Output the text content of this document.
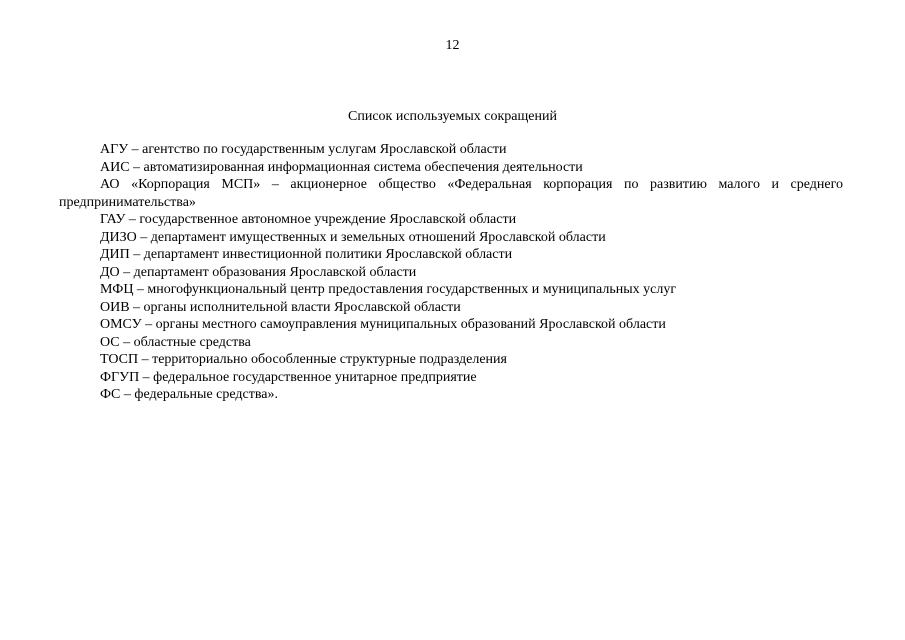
12
Список используемых сокращений
АГУ – агентство по государственным услугам Ярославской области
АИС – автоматизированная информационная система обеспечения деятельности
АО «Корпорация МСП» – акционерное общество «Федеральная корпорация по развитию малого и среднего предпринимательства»
ГАУ – государственное автономное учреждение Ярославской области
ДИЗО – департамент имущественных и земельных отношений Ярославской области
ДИП – департамент инвестиционной политики Ярославской области
ДО – департамент образования Ярославской области
МФЦ – многофункциональный центр предоставления государственных и муниципальных услуг
ОИВ – органы исполнительной власти Ярославской области
ОМСУ – органы местного самоуправления муниципальных образований Ярославской области
ОС – областные средства
ТОСП – территориально обособленные структурные подразделения
ФГУП – федеральное государственное унитарное предприятие
ФС – федеральные средства».
